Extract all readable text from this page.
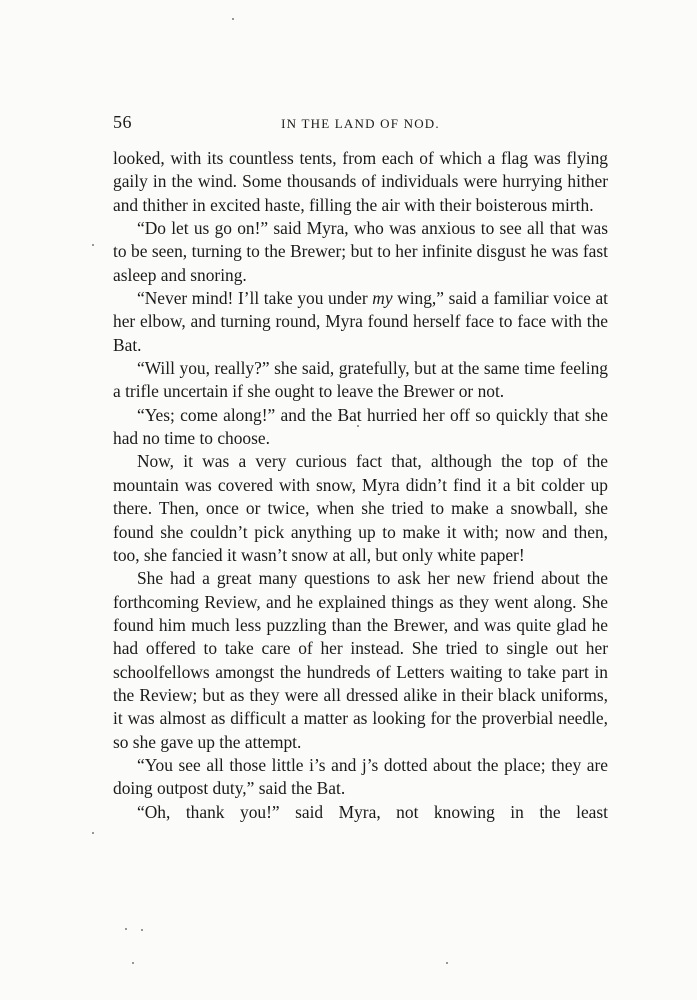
56	IN THE LAND OF NOD.

looked, with its countless tents, from each of which a flag was flying gaily in the wind. Some thousands of individuals were hurrying hither and thither in excited haste, filling the air with their boisterous mirth.

“Do let us go on!” said Myra, who was anxious to see all that was to be seen, turning to the Brewer; but to her infinite disgust he was fast asleep and snoring.

“Never mind! I’ll take you under my wing,” said a familiar voice at her elbow, and turning round, Myra found herself face to face with the Bat.

“Will you, really?” she said, gratefully, but at the same time feeling a trifle uncertain if she ought to leave the Brewer or not.

“Yes; come along!” and the Bat hurried her off so quickly that she had no time to choose.

Now, it was a very curious fact that, although the top of the mountain was covered with snow, Myra didn’t find it a bit colder up there. Then, once or twice, when she tried to make a snowball, she found she couldn’t pick anything up to make it with; now and then, too, she fancied it wasn’t snow at all, but only white paper!

She had a great many questions to ask her new friend about the forthcoming Review, and he explained things as they went along. She found him much less puzzling than the Brewer, and was quite glad he had offered to take care of her instead. She tried to single out her schoolfellows amongst the hundreds of Letters waiting to take part in the Review; but as they were all dressed alike in their black uniforms, it was almost as difficult a matter as looking for the proverbial needle, so she gave up the attempt.

“You see all those little i’s and j’s dotted about the place; they are doing outpost duty,” said the Bat.

“Oh, thank you!” said Myra, not knowing in the least
